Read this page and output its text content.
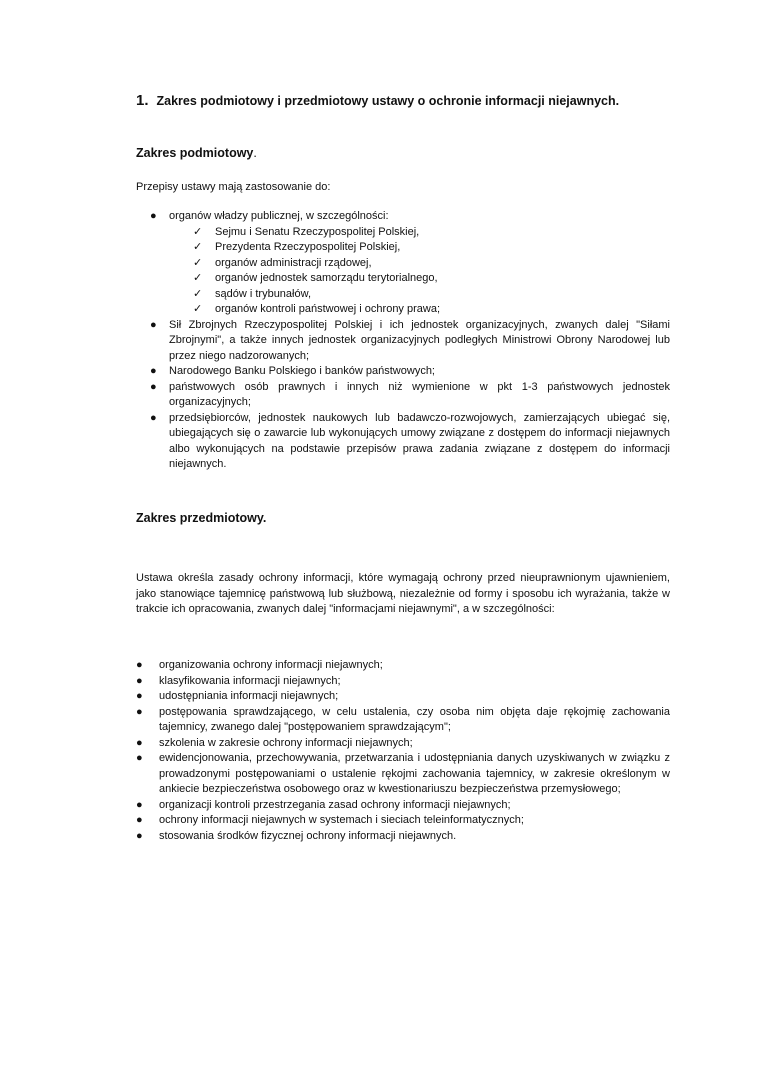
1. Zakres podmiotowy i przedmiotowy ustawy o ochronie informacji niejawnych.
Zakres podmiotowy.
Przepisy ustawy mają zastosowanie do:
● organów władzy publicznej, w szczególności:
✓ Sejmu i Senatu Rzeczypospolitej Polskiej,
✓ Prezydenta Rzeczypospolitej Polskiej,
✓ organów administracji rządowej,
✓ organów jednostek samorządu terytorialnego,
✓ sądów i trybunałów,
✓ organów kontroli państwowej i ochrony prawa;
● Sił Zbrojnych Rzeczypospolitej Polskiej i ich jednostek organizacyjnych, zwanych dalej "Siłami Zbrojnymi", a także innych jednostek organizacyjnych podległych Ministrowi Obrony Narodowej lub przez niego nadzorowanych;
● Narodowego Banku Polskiego i banków państwowych;
● państwowych osób prawnych i innych niż wymienione w pkt 1-3 państwowych jednostek organizacyjnych;
● przedsiębiorców, jednostek naukowych lub badawczo-rozwojowych, zamierzających ubiegać się, ubiegających się o zawarcie lub wykonujących umowy związane z dostępem do informacji niejawnych albo wykonujących na podstawie przepisów prawa zadania związane z dostępem do informacji niejawnych.
Zakres przedmiotowy.
Ustawa określa zasady ochrony informacji, które wymagają ochrony przed nieuprawnionym ujawnieniem, jako stanowiące tajemnicę państwową lub służbową, niezależnie od formy i sposobu ich wyrażania, także w trakcie ich opracowania, zwanych dalej "informacjami niejawnymi", a w szczególności:
● organizowania ochrony informacji niejawnych;
● klasyfikowania informacji niejawnych;
● udostępniania informacji niejawnych;
● postępowania sprawdzającego, w celu ustalenia, czy osoba nim objęta daje rękojmię zachowania tajemnicy, zwanego dalej "postępowaniem sprawdzającym";
● szkolenia w zakresie ochrony informacji niejawnych;
● ewidencjonowania, przechowywania, przetwarzania i udostępniania danych uzyskiwanych w związku z prowadzonymi postępowaniami o ustalenie rękojmi zachowania tajemnicy, w zakresie określonym w ankiecie bezpieczeństwa osobowego oraz w kwestionariuszu bezpieczeństwa przemysłowego;
● organizacji kontroli przestrzegania zasad ochrony informacji niejawnych;
● ochrony informacji niejawnych w systemach i sieciach teleinformatycznych;
● stosowania środków fizycznej ochrony informacji niejawnych.
